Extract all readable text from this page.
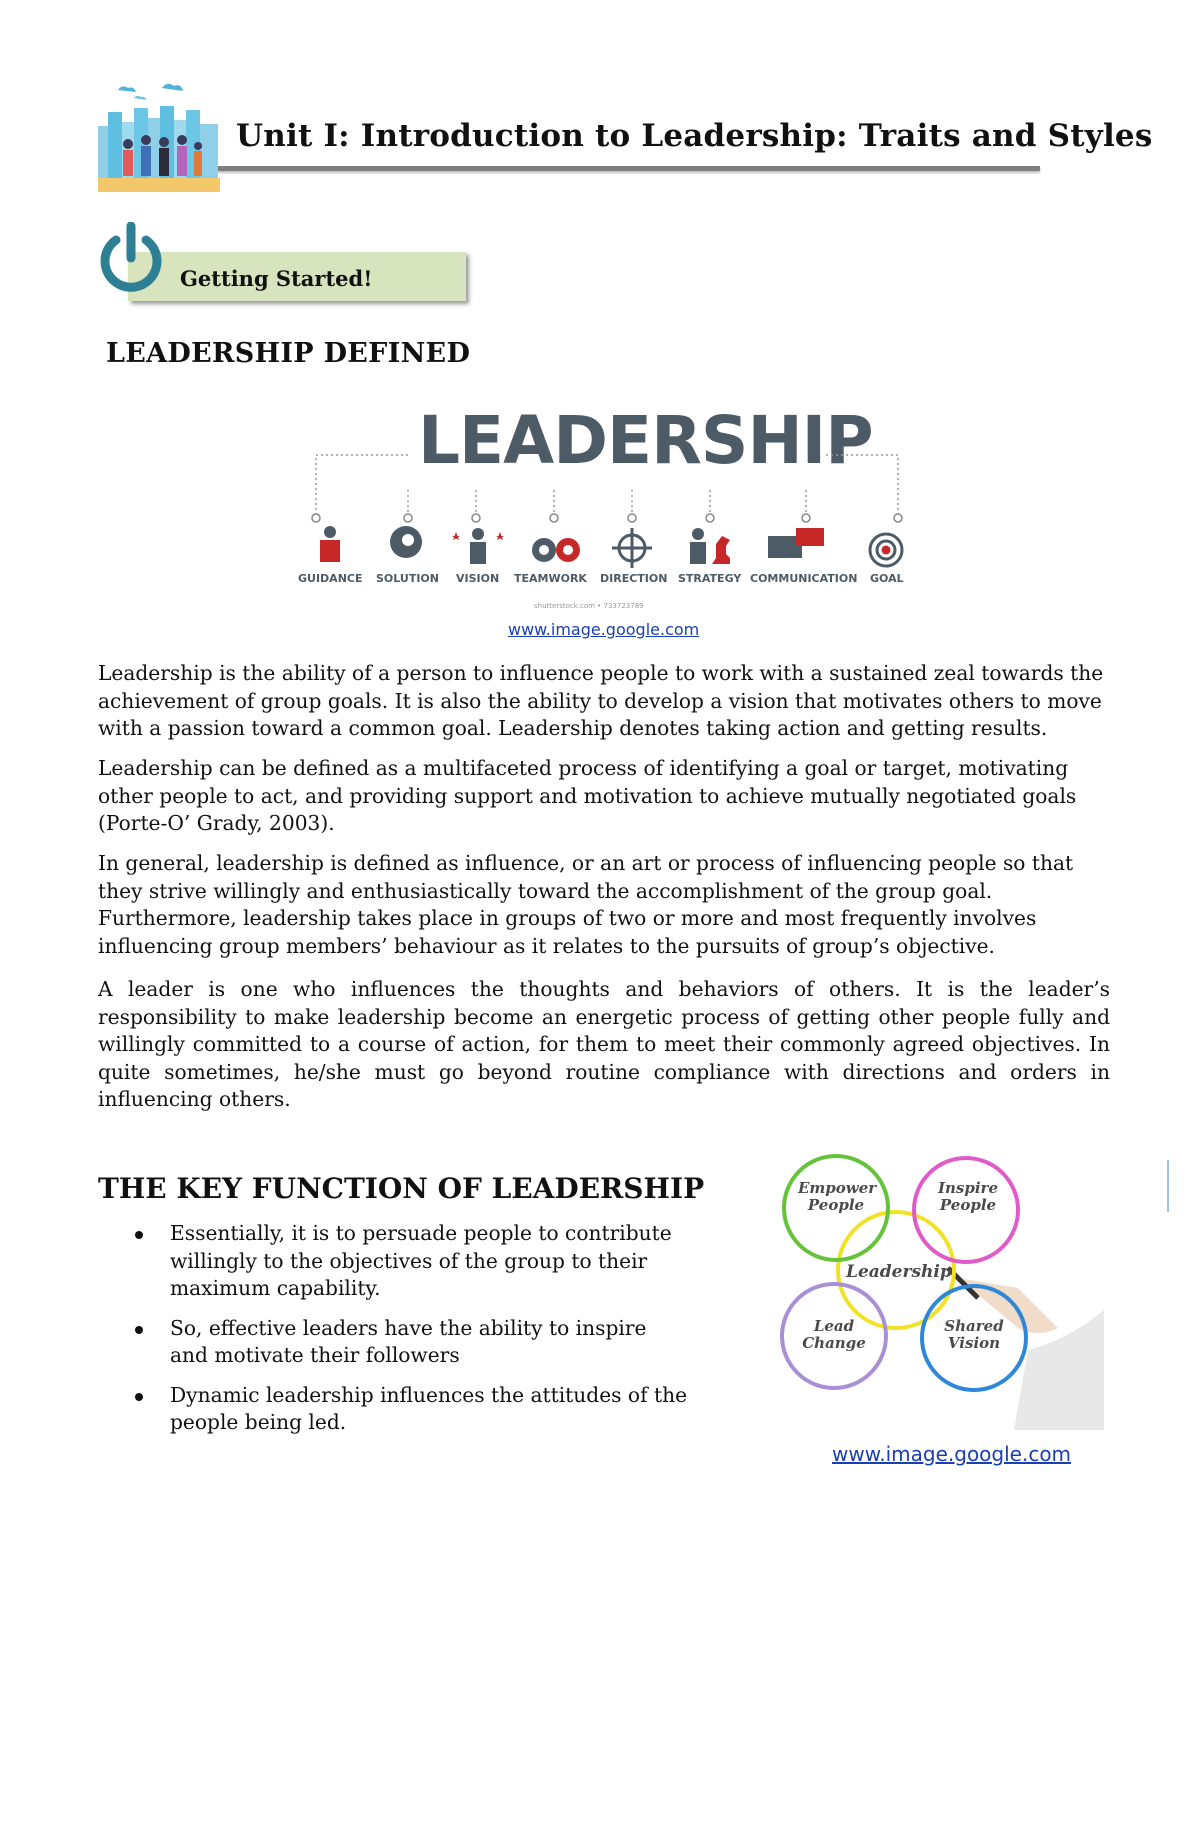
Unit I: Introduction to Leadership: Traits and Styles
Getting Started!
LEADERSHIP DEFINED
LEADERSHIP
GUIDANCE SOLUTION VISION TEAMWORK DIRECTION STRATEGY COMMUNICATION GOAL
shutterstock.com • 733723789
www.image.google.com

Leadership is the ability of a person to influence people to work with a sustained zeal towards the achievement of group goals. It is also the ability to develop a vision that motivates others to move with a passion toward a common goal. Leadership denotes taking action and getting results.

Leadership can be defined as a multifaceted process of identifying a goal or target, motivating other people to act, and providing support and motivation to achieve mutually negotiated goals (Porte-O’ Grady, 2003).

In general, leadership is defined as influence, or an art or process of influencing people so that they strive willingly and enthusiastically toward the accomplishment of the group goal. Furthermore, leadership takes place in groups of two or more and most frequently involves influencing group members’ behaviour as it relates to the pursuits of group’s objective.

A leader is one who influences the thoughts and behaviors of others. It is the leader’s responsibility to make leadership become an energetic process of getting other people fully and willingly committed to a course of action, for them to meet their commonly agreed objectives. In quite sometimes, he/she must go beyond routine compliance with directions and orders in influencing others.

THE KEY FUNCTION OF LEADERSHIP
Essentially, it is to persuade people to contribute willingly to the objectives of the group to their maximum capability.
So, effective leaders have the ability to inspire and motivate their followers
Dynamic leadership influences the attitudes of the people being led.
Empower People
Inspire People
Leadership
Lead Change
Shared Vision
www.image.google.com
